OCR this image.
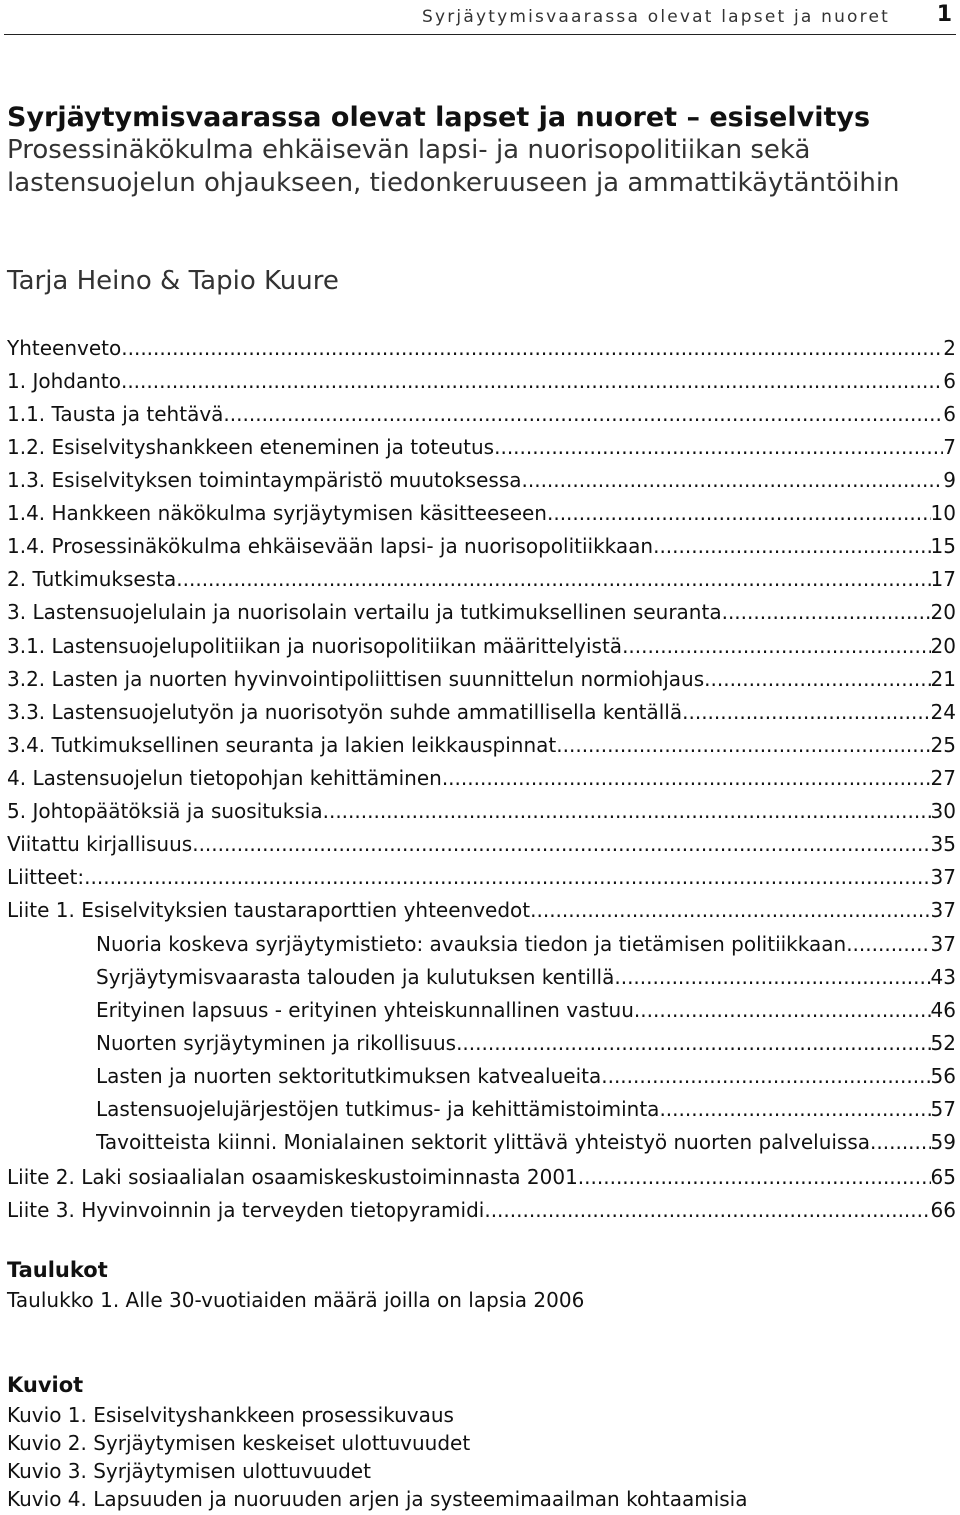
Syrjäytymisvaarassa olevat lapset ja nuoret 1
Syrjäytymisvaarassa olevat lapset ja nuoret – esiselvitys
Prosessinäkökulma ehkäisevän lapsi- ja nuorisopolitiikan sekä
lastensuojelun ohjaukseen, tiedonkeruuseen ja ammattikäytäntöihin
Tarja Heino & Tapio Kuure
Yhteenveto .....	2
1. Johdanto .....	6
1.1. Tausta ja tehtävä .....	6
1.2. Esiselvityshankkeen eteneminen ja toteutus .....	7
1.3. Esiselvityksen toimintaympäristö muutoksessa .....	9
1.4. Hankkeen näkökulma syrjäytymisen käsitteeseen .....	10
1.4. Prosessinäkökulma ehkäisevään lapsi- ja nuorisopolitiikkaan .....	15
2. Tutkimuksesta .....	17
3. Lastensuojelulain ja nuorisolain vertailu ja tutkimuksellinen seuranta .....	20
3.1. Lastensuojelupolitiikan ja nuorisopolitiikan määrittelyistä .....	20
3.2. Lasten ja nuorten hyvinvointipoliittisen suunnittelun normiohjaus .....	21
3.3. Lastensuojelutyön ja nuorisotyön suhde ammatillisella kentällä .....	24
3.4. Tutkimuksellinen seuranta ja lakien leikkauspinnat .....	25
4. Lastensuojelun tietopohjan kehittäminen .....	27
5. Johtopäätöksiä ja suosituksia .....	30
Viitattu kirjallisuus .....	35
Liitteet: .....	37
Liite 1. Esiselvityksien taustaraporttien yhteenvedot .....	37
Nuoria koskeva syrjäytymistieto: avauksia tiedon ja tietämisen politiikkaan .....	37
Syrjäytymisvaarasta talouden ja kulutuksen kentillä .....	43
Erityinen lapsuus - erityinen yhteiskunnallinen vastuu .....	46
Nuorten syrjäytyminen ja rikollisuus .....	52
Lasten ja nuorten sektoritutkimuksen katvealueita .....	56
Lastensuojelujärjestöjen tutkimus- ja kehittämistoiminta .....	57
Tavoitteista kiinni. Monialainen sektorit ylittävä yhteistyö nuorten palveluissa .....	59
Liite 2. Laki sosiaalialan osaamiskeskustoiminnasta 2001 .....	65
Liite 3. Hyvinvoinnin ja terveyden tietopyramidi .....	66
Taulukot
Taulukko 1. Alle 30-vuotiaiden määrä joilla on lapsia 2006
Kuviot
Kuvio 1. Esiselvityshankkeen prosessikuvaus
Kuvio 2. Syrjäytymisen keskeiset ulottuvuudet
Kuvio 3. Syrjäytymisen ulottuvuudet
Kuvio 4. Lapsuuden ja nuoruuden arjen ja systeemimaailman kohtaamisia
